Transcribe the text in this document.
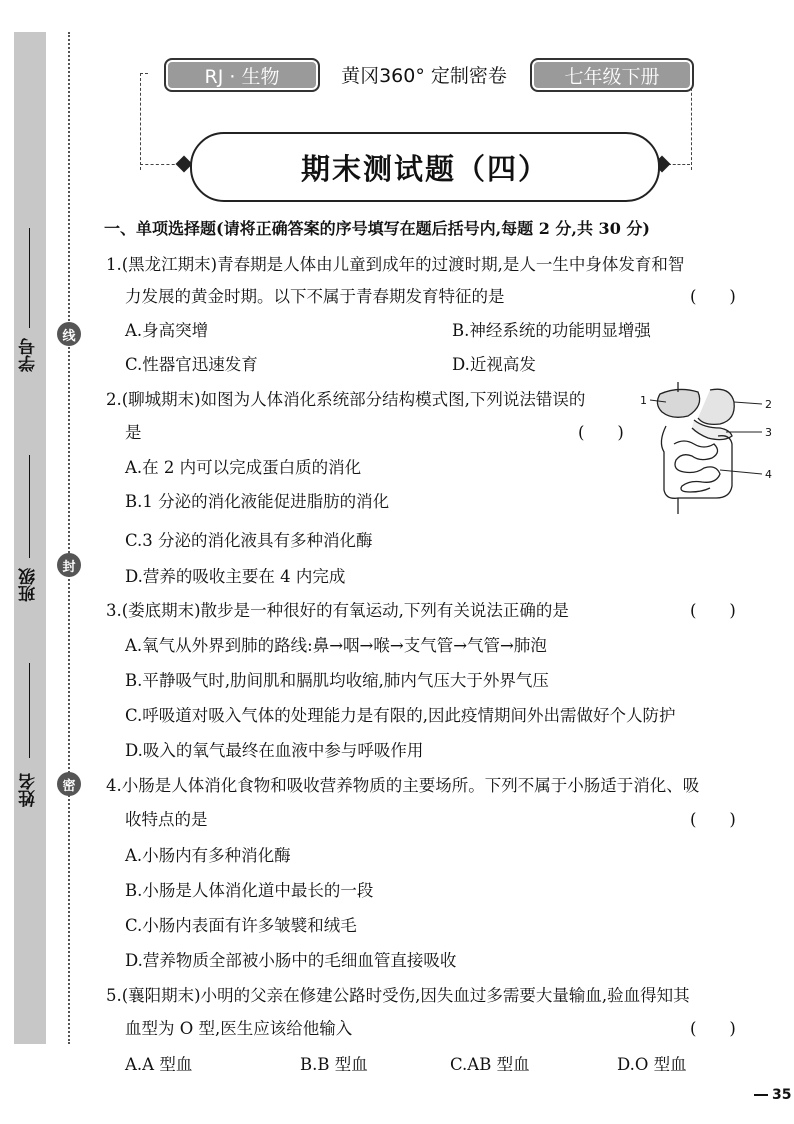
学号
班级
姓名
线
封
密
RJ · 生物	黄冈360° 定制密卷	七年级下册
期末测试题（四）
一、单项选择题(请将正确答案的序号填写在题后括号内,每题 2 分,共 30 分)
1.(黑龙江期末)青春期是人体由儿童到成年的过渡时期,是人一生中身体发育和智
力发展的黄金时期。以下不属于青春期发育特征的是	(　　)
A.身高突增	B.神经系统的功能明显增强
C.性器官迅速发育	D.近视高发
2.(聊城期末)如图为人体消化系统部分结构模式图,下列说法错误的
是	(　　)
A.在 2 内可以完成蛋白质的消化
B.1 分泌的消化液能促进脂肪的消化
C.3 分泌的消化液具有多种消化酶
D.营养的吸收主要在 4 内完成
1	2
3
4
3.(娄底期末)散步是一种很好的有氧运动,下列有关说法正确的是	(　　)
A.氧气从外界到肺的路线:鼻→咽→喉→支气管→气管→肺泡
B.平静吸气时,肋间肌和膈肌均收缩,肺内气压大于外界气压
C.呼吸道对吸入气体的处理能力是有限的,因此疫情期间外出需做好个人防护
D.吸入的氧气最终在血液中参与呼吸作用
4.小肠是人体消化食物和吸收营养物质的主要场所。下列不属于小肠适于消化、吸
收特点的是	(　　)
A.小肠内有多种消化酶
B.小肠是人体消化道中最长的一段
C.小肠内表面有许多皱襞和绒毛
D.营养物质全部被小肠中的毛细血管直接吸收
5.(襄阳期末)小明的父亲在修建公路时受伤,因失血过多需要大量输血,验血得知其
血型为 O 型,医生应该给他输入	(　　)
A.A 型血	B.B 型血	C.AB 型血	D.O 型血
35
